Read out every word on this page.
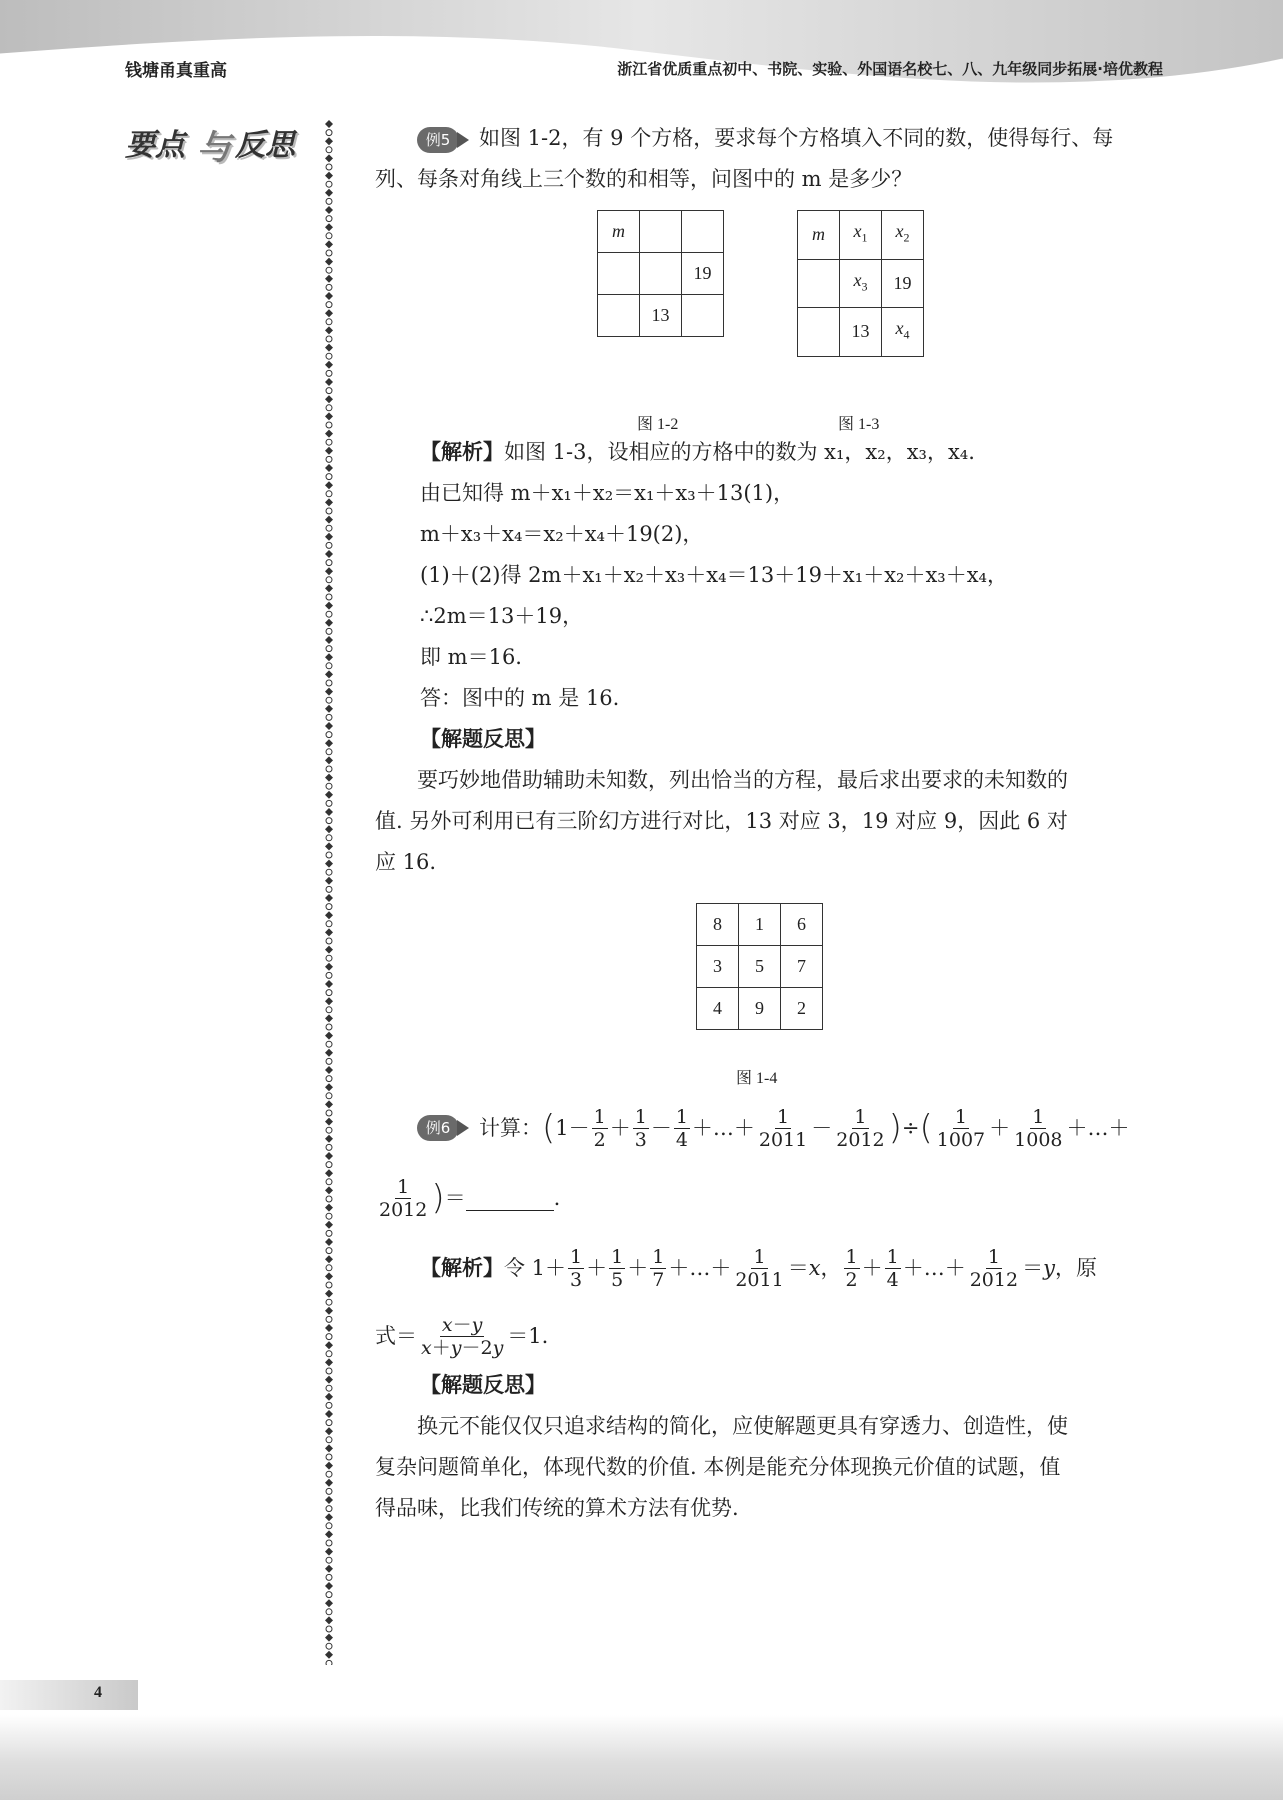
钱塘甬真重高	浙江省优质重点初中、书院、实验、外国语名校七、八、九年级同步拓展·培优教程
要点 与 反思	例5	如图 1-2，有 9 个方格，要求每个方格填入不同的数，使得每行、每
列、每条对角线上三个数的和相等，问图中的 m 是多少？
m		
		19
	13	
图 1-2
m	$x_1$	$x_2$
	$x_3$	19
	13	$x_4$
图 1-3
【解析】如图 1-3，设相应的方格中的数为 x₁，x₂，x₃，x₄.
由已知得 m＋x₁＋x₂＝x₁＋x₃＋13(1)，
m＋x₃＋x₄＝x₂＋x₄＋19(2)，
(1)＋(2)得 2m＋x₁＋x₂＋x₃＋x₄＝13＋19＋x₁＋x₂＋x₃＋x₄，
∴2m＝13＋19，
即 m＝16.
答：图中的 m 是 16.
【解题反思】
要巧妙地借助辅助未知数，列出恰当的方程，最后求出要求的未知数的
值. 另外可利用已有三阶幻方进行对比，13 对应 3，19 对应 9，因此 6 对
应 16.
8	1	6
3	5	7
4	9	2
图 1-4
例6	计算： ( $1- \frac{1}{2} + \frac{1}{3} - \frac{1}{4}$ ＋…＋ $\frac{1}{2011} - \frac{1}{2012}$ ) ÷ ( $\frac{1}{1007} + \frac{1}{1008}$ ＋…＋
$\frac{1}{2012}$ ) ＝	.
【解析】 令 $1+ \frac{1}{3} + \frac{1}{5} + \frac{1}{7}$ ＋…＋ $\frac{1}{2011} = x$ ， $\frac{1}{2} + \frac{1}{4}$ ＋…＋ $\frac{1}{2012} = y$ ，原
式＝ $\frac{x-y}{x+y-2y} =1$.
【解题反思】
换元不能仅仅只追求结构的简化，应使解题更具有穿透力、创造性，使
复杂问题简单化，体现代数的价值. 本例是能充分体现换元价值的试题，值
得品味，比我们传统的算术方法有优势.
4
